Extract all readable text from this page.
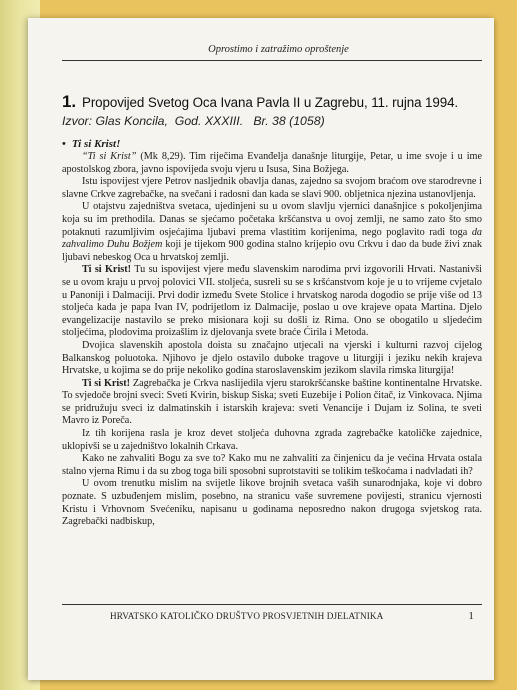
Oprostimo i zatražimo oproštenje
1. Propovijed Svetog Oca Ivana Pavla II u Zagrebu, 11. rujna 1994.
Izvor: Glas Koncila,  God. XXXIII.   Br. 38 (1058)
• Ti si Krist!

“Ti si Krist” (Mk 8,29). Tim riječima Evanđelja današnje liturgije, Petar, u ime svoje i u ime apostolskog zbora, javno ispovijeda svoju vjeru u Isusa, Sina Božjega.

Istu ispovijest vjere Petrov nasljednik obavlja danas, zajedno sa svojom braćom ove starodrevne i slavne Crkve zagrebačke, na svečani i radosni dan kada se slavi 900. obljetnica njezina ustanovljenja.

U otajstvu zajedništva svetaca, ujedinjeni su u ovom slavlju vjernici današnjice s pokoljenjima koja su im prethodila. Danas se sjećamo početaka kršćanstva u ovoj zemlji, ne samo zato što smo potaknuti razumljivim osjećajima ljubavi prema vlastitim korijenima, nego poglavito radi toga da zahvalimo Duhu Božjem koji je tijekom 900 godina stalno krijepio ovu Crkvu i dao da bude živi znak ljubavi nebeskog Oca u hrvatskoj zemlji.

Ti si Krist! Tu su ispovijest vjere među slavenskim narodima prvi izgovorili Hrvati. Nastanivši se u ovom kraju u prvoj polovici VII. stoljeća, susreli su se s kršćanstvom koje je u to vrijeme cvjetalo u Panoniji i Dalmaciji. Prvi dodir između Svete Stolice i hrvatskog naroda dogodio se prije više od 13 stoljeća kada je papa Ivan IV, podrijetlom iz Dalmacije, poslao u ove krajeve opata Martina. Djelo evangelizacije nastavilo se preko misionara koji su došli iz Rima. Ono se obogatilo u sljedećim stoljećima, plodovima proizašlim iz djelovanja svete braće Ćirila i Metoda.

Dvojica slavenskih apostola doista su značajno utjecali na vjerski i kulturni razvoj cijelog Balkanskog poluotoka. Njihovo je djelo ostavilo duboke tragove u liturgiji i jeziku nekih krajeva Hrvatske, u kojima se do prije nekoliko godina staroslavenskim jezikom slavila rimska liturgija!

Ti si Krist! Zagrebačka je Crkva naslijedila vjeru starokršćanske baštine kontinentalne Hrvatske. To svjedoče brojni sveci: Sveti Kvirin, biskup Siska; sveti Euzebije i Polion čitač, iz Vinkovaca. Njima se pridružuju sveci iz dalmatinskih i istarskih krajeva: sveti Venancije i Dujam iz Solina, te sveti Mavro iz Poreča.

Iz tih korijena rasla je kroz devet stoljeća duhovna zgrada zagrebačke katoličke zajednice, uklopivši se u zajedništvo lokalnih Crkava.

Kako ne zahvaliti Bogu za sve to? Kako mu ne zahvaliti za činjenicu da je većina Hrvata ostala stalno vjerna Rimu i da su zbog toga bili sposobni suprotstaviti se tolikim teškoćama i nadvladati ih?

U ovom trenutku mislim na svijetle likove brojnih svetaca vaših sunarodnjaka, koje vi dobro poznate. S uzbuđenjem mislim, posebno, na stranicu vaše suvremene povijesti, stranicu vjernosti Kristu i Vrhovnom Svećeniku, napisanu u godinama neposredno nakon drugoga svjetskog rata. Zagrebački nadbiskup,

HRVATSKO KATOLIČKO DRUŠTVO PROSVJETNIH DJELATNIKA	1
